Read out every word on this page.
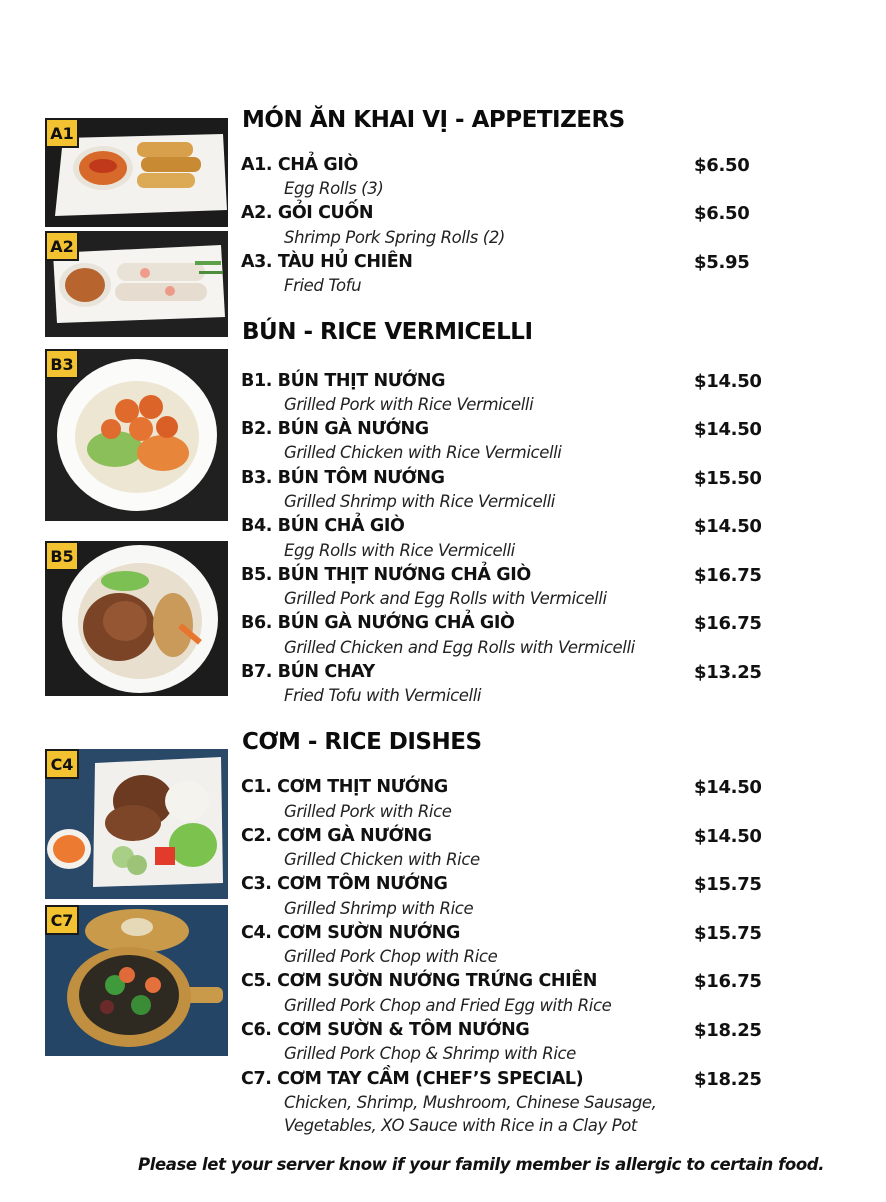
A1
A2
B3
B5
C4
C7
MÓN ĂN KHAI VỊ - APPETIZERS
A1. CHẢ GIÒ	$6.50
Egg Rolls (3)
A2. GỎI CUỐN	$6.50
Shrimp Pork Spring Rolls (2)
A3. TÀU HỦ CHIÊN	$5.95
Fried Tofu
BÚN - RICE VERMICELLI
B1. BÚN THỊT NƯỚNG	$14.50
Grilled Pork with Rice Vermicelli
B2. BÚN GÀ NƯỚNG	$14.50
Grilled Chicken with Rice Vermicelli
B3. BÚN TÔM NƯỚNG	$15.50
Grilled Shrimp with Rice Vermicelli
B4. BÚN CHẢ GIÒ	$14.50
Egg Rolls with Rice Vermicelli
B5. BÚN THỊT NƯỚNG CHẢ GIÒ	$16.75
Grilled Pork and Egg Rolls with Vermicelli
B6. BÚN GÀ NƯỚNG CHẢ GIÒ	$16.75
Grilled Chicken and Egg Rolls with Vermicelli
B7. BÚN CHAY	$13.25
Fried Tofu with Vermicelli
CƠM - RICE DISHES
C1. CƠM THỊT NƯỚNG	$14.50
Grilled Pork with Rice
C2. CƠM GÀ NƯỚNG	$14.50
Grilled Chicken with Rice
C3. CƠM TÔM NƯỚNG	$15.75
Grilled Shrimp with Rice
C4. CƠM SƯỜN NƯỚNG	$15.75
Grilled Pork Chop with Rice
C5. CƠM SƯỜN NƯỚNG TRỨNG CHIÊN	$16.75
Grilled Pork Chop and Fried Egg with Rice
C6. CƠM SƯỜN & TÔM NƯỚNG	$18.25
Grilled Pork Chop & Shrimp with Rice
C7. CƠM TAY CẦM (CHEF’S SPECIAL)	$18.25
Chicken, Shrimp, Mushroom, Chinese Sausage,
Vegetables, XO Sauce with Rice in a Clay Pot
Please let your server know if your family member is allergic to certain food.
